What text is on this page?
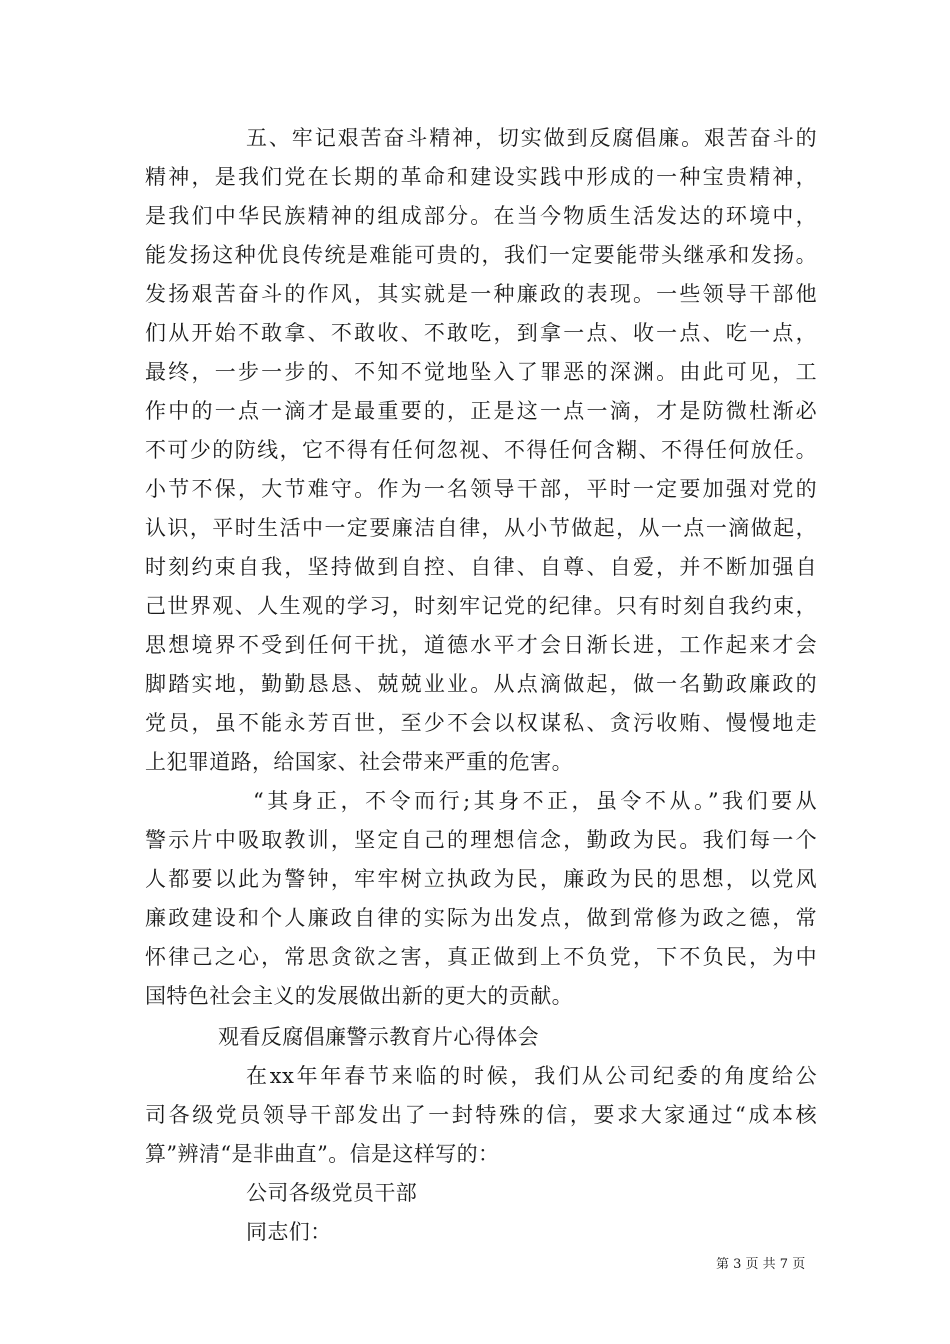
五、牢记艰苦奋斗精神，切实做到反腐倡廉。艰苦奋斗的
精神，是我们党在长期的革命和建设实践中形成的一种宝贵精神，
是我们中华民族精神的组成部分。在当今物质生活发达的环境中，
能发扬这种优良传统是难能可贵的，我们一定要能带头继承和发扬。
发扬艰苦奋斗的作风，其实就是一种廉政的表现。一些领导干部他
们从开始不敢拿、不敢收、不敢吃，到拿一点、收一点、吃一点，
最终，一步一步的、不知不觉地坠入了罪恶的深渊。由此可见，工
作中的一点一滴才是最重要的，正是这一点一滴，才是防微杜渐必
不可少的防线，它不得有任何忽视、不得任何含糊、不得任何放任。
小节不保，大节难守。作为一名领导干部，平时一定要加强对党的
认识，平时生活中一定要廉洁自律，从小节做起，从一点一滴做起，
时刻约束自我，坚持做到自控、自律、自尊、自爱，并不断加强自
己世界观、人生观的学习，时刻牢记党的纪律。只有时刻自我约束，
思想境界不受到任何干扰，道德水平才会日渐长进，工作起来才会
脚踏实地，勤勤恳恳、兢兢业业。从点滴做起，做一名勤政廉政的
党员，虽不能永芳百世，至少不会以权谋私、贪污收贿、慢慢地走
上犯罪道路，给国家、社会带来严重的危害。
“其身正，不令而行;其身不正，虽令不从。”我们要从
警示片中吸取教训，坚定自己的理想信念，勤政为民。我们每一个
人都要以此为警钟，牢牢树立执政为民，廉政为民的思想，以党风
廉政建设和个人廉政自律的实际为出发点，做到常修为政之德，常
怀律己之心，常思贪欲之害，真正做到上不负党，下不负民，为中
国特色社会主义的发展做出新的更大的贡献。
观看反腐倡廉警示教育片心得体会
在xx年年春节来临的时候，我们从公司纪委的角度给公
司各级党员领导干部发出了一封特殊的信，要求大家通过“成本核
算”辨清“是非曲直”。信是这样写的：
公司各级党员干部
同志们：
第 3 页 共 7 页
